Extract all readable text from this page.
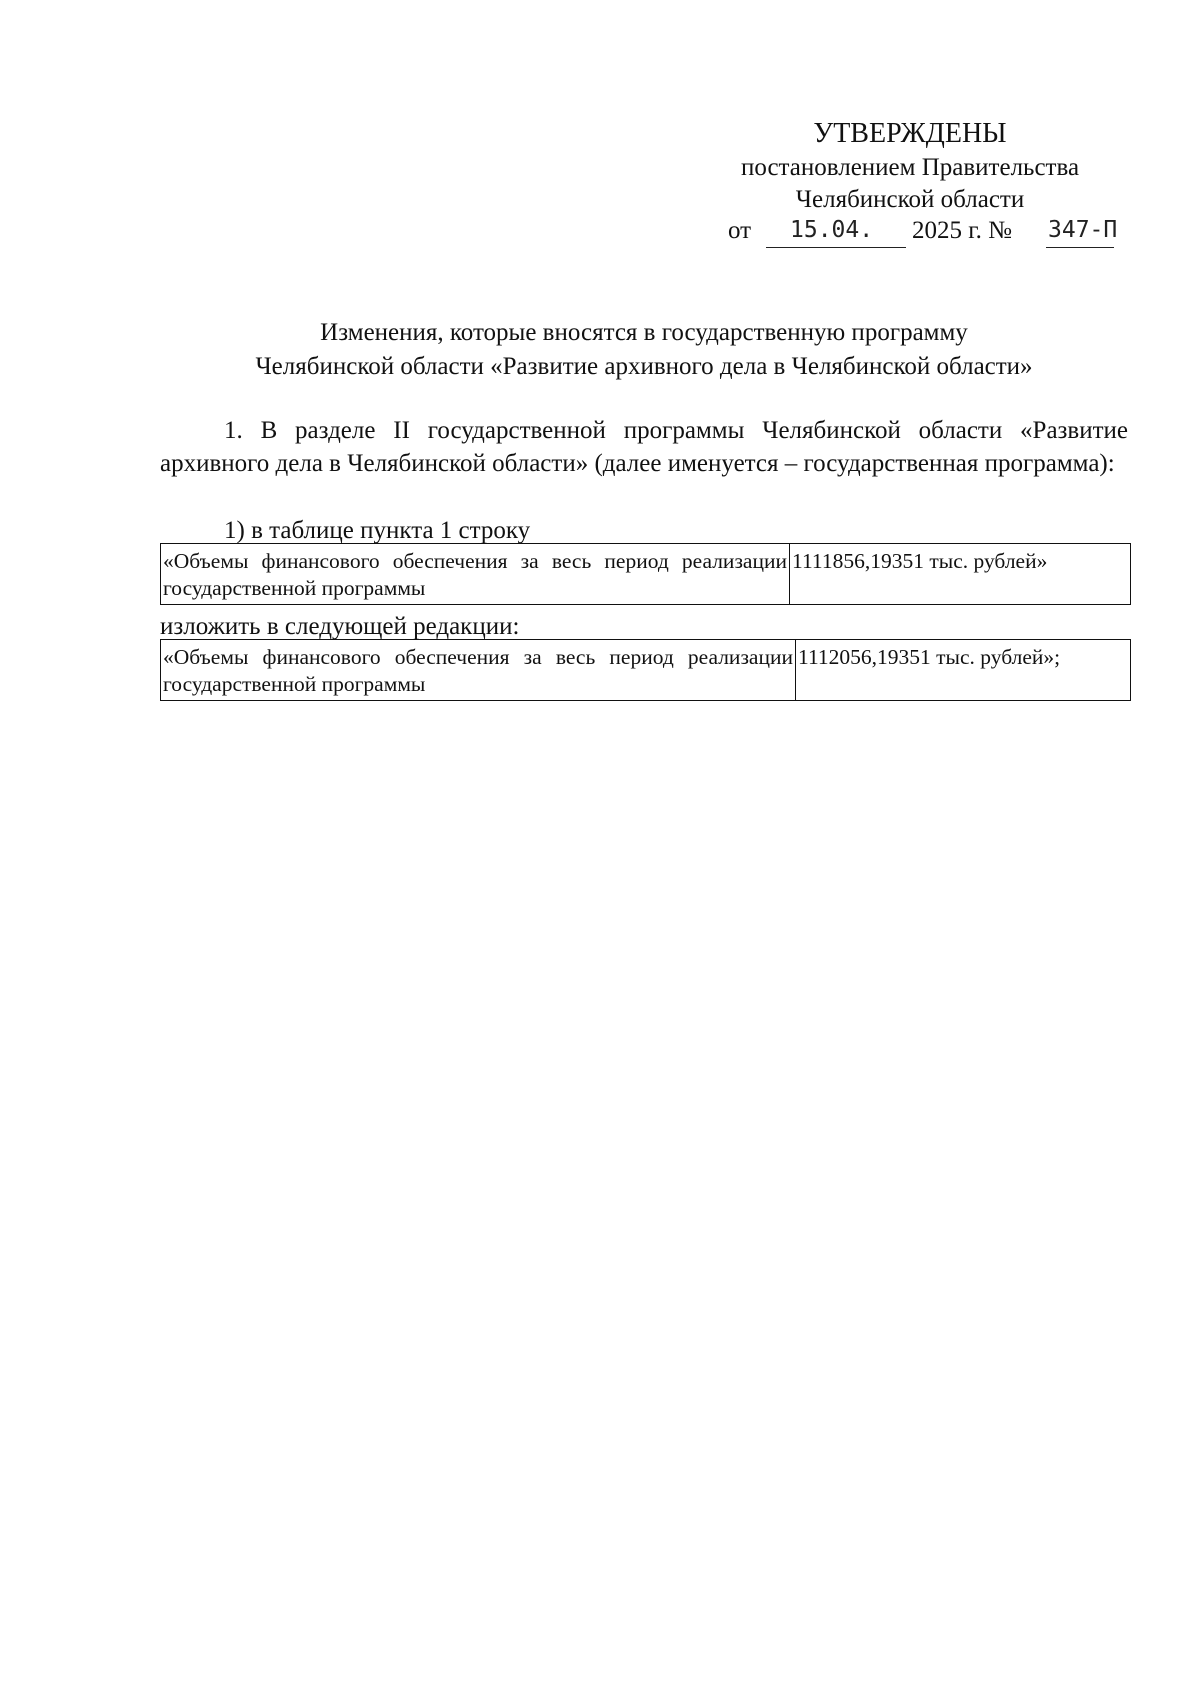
УТВЕРЖДЕНЫ
постановлением Правительства
Челябинской области
от 15.04. 2025 г. № 347-П
Изменения, которые вносятся в государственную программу
Челябинской области «Развитие архивного дела в Челябинской области»
1. В разделе II государственной программы Челябинской области «Развитие архивного дела в Челябинской области» (далее именуется – государственная программа):
1) в таблице пункта 1 строку
«Объемы финансового обеспечения за весь период реализации государственной программы	1111856,19351 тыс. рублей»
изложить в следующей редакции:
«Объемы финансового обеспечения за весь период реализации государственной программы	1112056,19351 тыс. рублей»;
